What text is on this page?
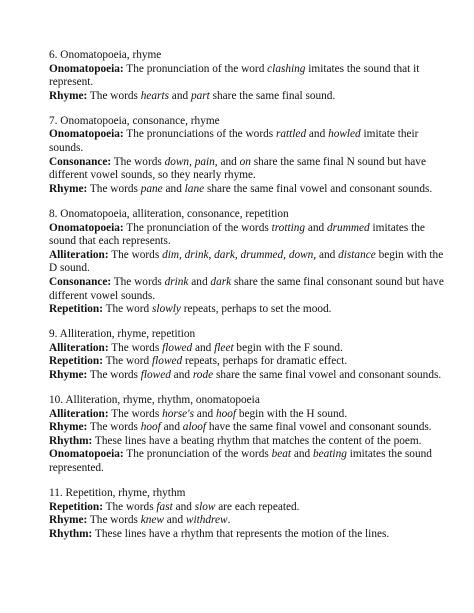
6. Onomatopoeia, rhyme
Onomatopoeia: The pronunciation of the word clashing imitates the sound that it represent.
Rhyme: The words hearts and part share the same final sound.
7. Onomatopoeia, consonance, rhyme
Onomatopoeia: The pronunciations of the words rattled and howled imitate their sounds.
Consonance: The words down, pain, and on share the same final N sound but have different vowel sounds, so they nearly rhyme.
Rhyme: The words pane and lane share the same final vowel and consonant sounds.
8. Onomatopoeia, alliteration, consonance, repetition
Onomatopoeia: The pronunciation of the words trotting and drummed imitates the sound that each represents.
Alliteration: The words dim, drink, dark, drummed, down, and distance begin with the D sound.
Consonance: The words drink and dark share the same final consonant sound but have different vowel sounds.
Repetition: The word slowly repeats, perhaps to set the mood.
9. Alliteration, rhyme, repetition
Alliteration: The words flowed and fleet begin with the F sound.
Repetition: The word flowed repeats, perhaps for dramatic effect.
Rhyme: The words flowed and rode share the same final vowel and consonant sounds.
10. Alliteration, rhyme, rhythm, onomatopoeia
Alliteration: The words horse's and hoof begin with the H sound.
Rhyme: The words hoof and aloof have the same final vowel and consonant sounds.
Rhythm: These lines have a beating rhythm that matches the content of the poem.
Onomatopoeia: The pronunciation of the words beat and beating imitates the sound represented.
11. Repetition, rhyme, rhythm
Repetition: The words fast and slow are each repeated.
Rhyme: The words knew and withdrew.
Rhythm: These lines have a rhythm that represents the motion of the lines.
